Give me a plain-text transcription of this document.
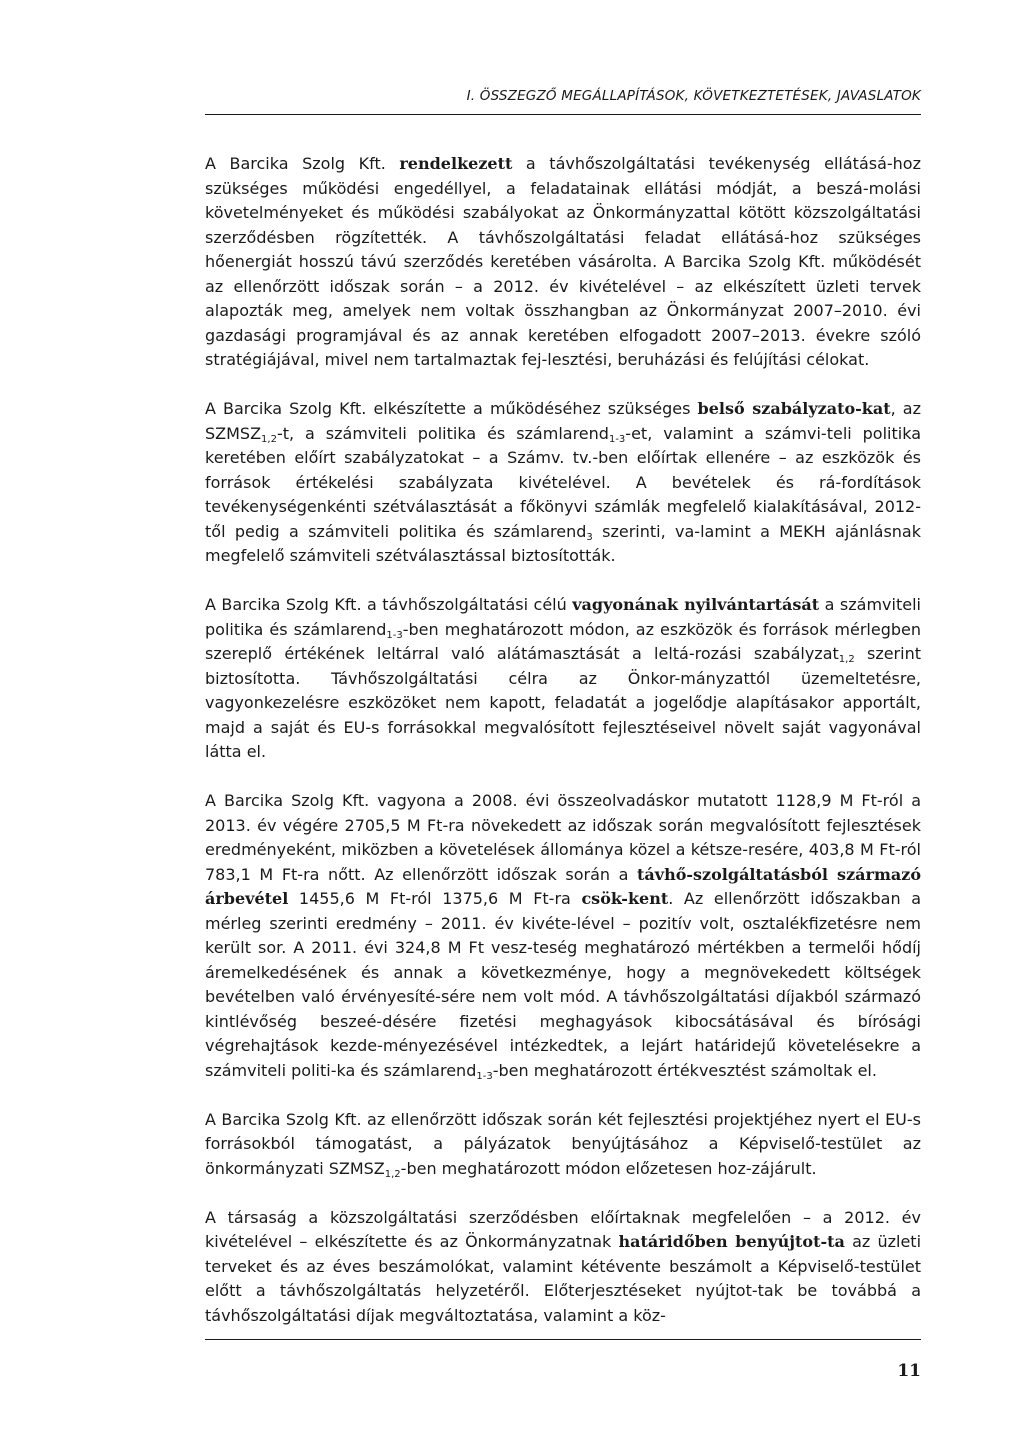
I. ÖSSZEGZŐ MEGÁLLAPÍTÁSOK, KÖVETKEZTETÉSEK, JAVASLATOK

A Barcika Szolg Kft. rendelkezett a távhőszolgáltatási tevékenység ellátásá-hoz szükséges működési engedéllyel, a feladatainak ellátási módját, a beszá-molási követelményeket és működési szabályokat az Önkormányzattal kötött közszolgáltatási szerződésben rögzítették. A távhőszolgáltatási feladat ellátásá-hoz szükséges hőenergiát hosszú távú szerződés keretében vásárolta. A Barcika Szolg Kft. működését az ellenőrzött időszak során – a 2012. év kivételével – az elkészített üzleti tervek alapozták meg, amelyek nem voltak összhangban az Önkormányzat 2007–2010. évi gazdasági programjával és az annak keretében elfogadott 2007–2013. évekre szóló stratégiájával, mivel nem tartalmaztak fej-lesztési, beruházási és felújítási célokat.

A Barcika Szolg Kft. elkészítette a működéséhez szükséges belső szabályzato-kat, az $SZMSZ_{1,2}-t$, a számviteli politika és számlarend$_{1-3}$-et, valamint a számvi-teli politika keretében előírt szabályzatokat – a Számv. tv.-ben előírtak ellenére – az eszközök és források értékelési szabályzata kivételével. A bevételek és rá-fordítások tevékenységenkénti szétválasztását a főkönyvi számlák megfelelő kialakításával, 2012-től pedig a számviteli politika és számlarend$_3$ szerinti, va-lamint a MEKH ajánlásnak megfelelő számviteli szétválasztással biztosították.

A Barcika Szolg Kft. a távhőszolgáltatási célú vagyonának nyilvántartását a számviteli politika és számlarend$_{1-3}$-ben meghatározott módon, az eszközök és források mérlegben szereplő értékének leltárral való alátámasztását a leltá-rozási szabályzat$_{1,2}$ szerint biztosította. Távhőszolgáltatási célra az Önkor-mányzattól üzemeltetésre, vagyonkezelésre eszközöket nem kapott, feladatát a jogelődje alapításakor apportált, majd a saját és EU-s forrásokkal megvalósított fejlesztéseivel növelt saját vagyonával látta el.

A Barcika Szolg Kft. vagyona a 2008. évi összeolvadáskor mutatott 1128,9 M Ft-ról a 2013. év végére 2705,5 M Ft-ra növekedett az időszak során megvalósított fejlesztések eredményeként, miközben a követelések állománya közel a kétsze-resére, 403,8 M Ft-ról 783,1 M Ft-ra nőtt. Az ellenőrzött időszak során a távhő-szolgáltatásból származó árbevétel 1455,6 M Ft-ról 1375,6 M Ft-ra csök-kent. Az ellenőrzött időszakban a mérleg szerinti eredmény – 2011. év kivéte-lével – pozitív volt, osztalékfizetésre nem került sor. A 2011. évi 324,8 M Ft vesz-teség meghatározó mértékben a termelői hődíj áremelkedésének és annak a következménye, hogy a megnövekedett költségek bevételben való érvényesíté-sére nem volt mód. A távhőszolgáltatási díjakból származó kintlévőség beszeé-désére fizetési meghagyások kibocsátásával és bírósági végrehajtások kezde-ményezésével intézkedtek, a lejárt határidejű követelésekre a számviteli politi-ka és számlarend$_{1-3}$-ben meghatározott értékvesztést számoltak el.

A Barcika Szolg Kft. az ellenőrzött időszak során két fejlesztési projektjéhez nyert el EU-s forrásokból támogatást, a pályázatok benyújtásához a Képviselő-testület az önkormányzati $SZMSZ_{1,2}$-ben meghatározott módon előzetesen hoz-zájárult.

A társaság a közszolgáltatási szerződésben előírtaknak megfelelően – a 2012. év kivételével – elkészítette és az Önkormányzatnak határidőben benyújtot-ta az üzleti terveket és az éves beszámolókat, valamint kétévente beszámolt a Képviselő-testület előtt a távhőszolgáltatás helyzetéről. Előterjesztéseket nyújtot-tak be továbbá a távhőszolgáltatási díjak megváltoztatása, valamint a köz-

11
